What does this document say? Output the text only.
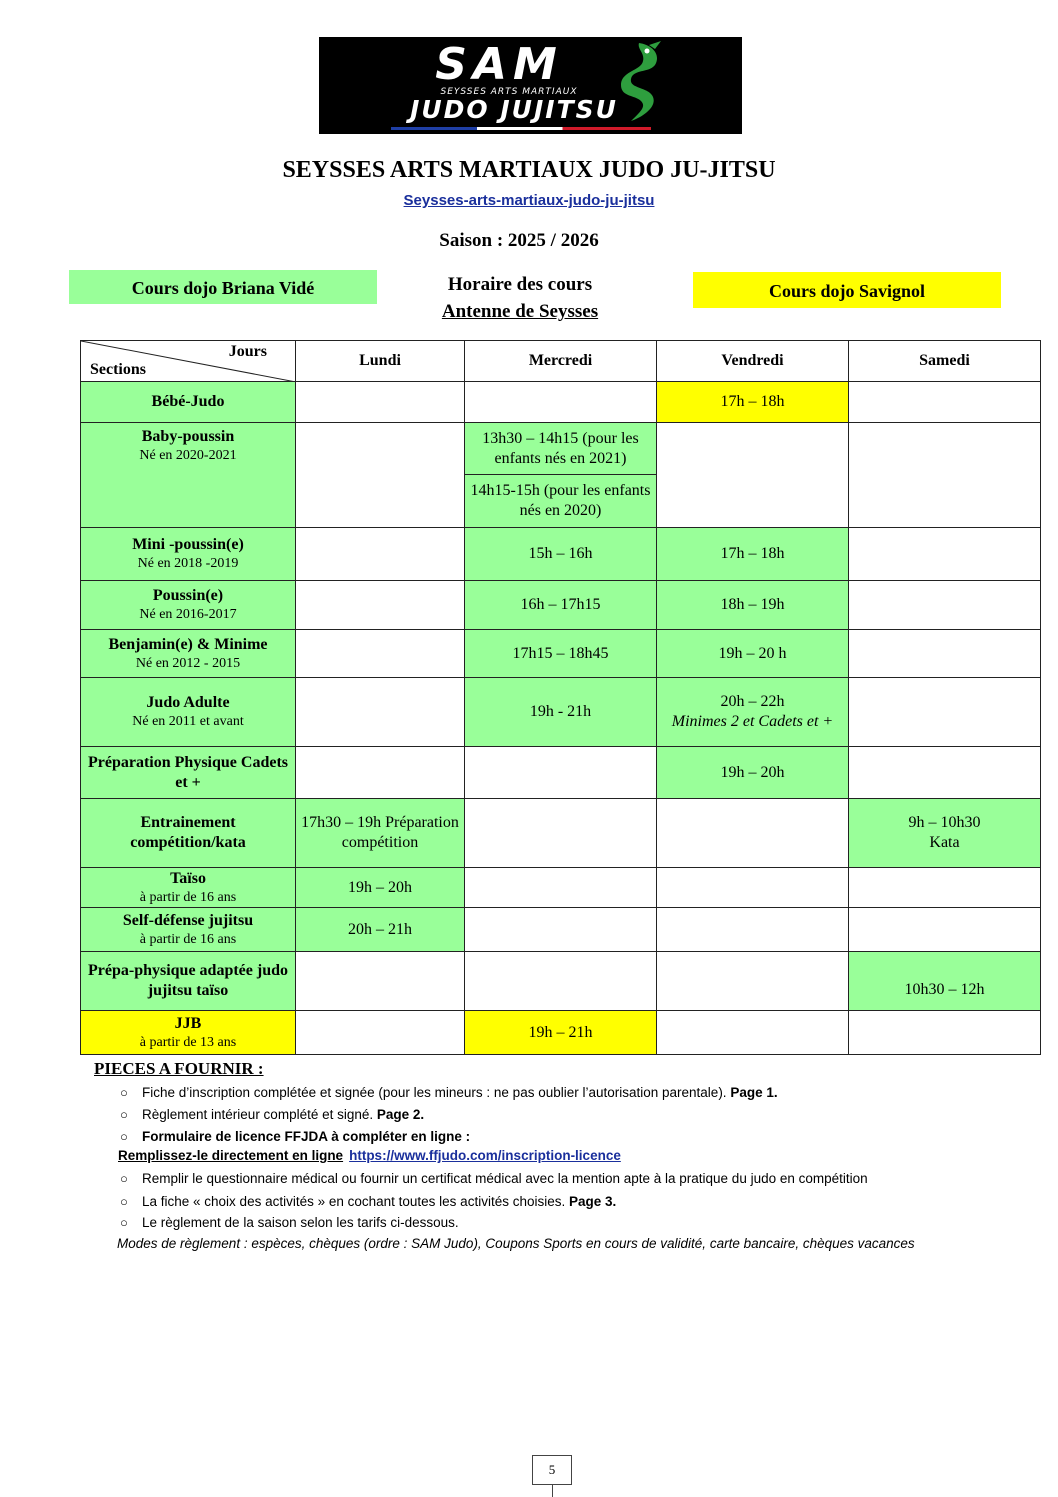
SAM
SEYSSES ARTS MARTIAUX
JUDO JUJITSU
SEYSSES ARTS MARTIAUX JUDO JU-JITSU
Seysses-arts-martiaux-judo-ju-jitsu
Saison : 2025 / 2026
Cours dojo Briana Vidé	Horaire des cours
Antenne de Seysses
Cours dojo Savignol
Jours
Sections	Lundi	Mercredi	Vendredi	Samedi

Bébé-Judo			17h – 18h	

Baby-poussin
Né en 2020-2021		13h30 – 14h15 (pour les enfants nés en 2021)		
		14h15-15h (pour les enfants nés en 2020)		

Mini -poussin(e)
Né en 2018 -2019		15h – 16h	17h – 18h	

Poussin(e)
Né en 2016-2017		16h – 17h15	18h – 19h	

Benjamin(e) & Minime
Né en 2012 - 2015		17h15 – 18h45	19h – 20 h	

Judo Adulte
Né en 2011 et avant		19h - 21h	20h – 22h
Minimes 2 et Cadets et +	

Préparation Physique Cadets et +			19h – 20h	

Entrainement compétition/kata	17h30 – 19h Préparation compétition			9h – 10h30
Kata

Taïso
à partir de 16 ans	19h – 20h			

Self-défense jujitsu
à partir de 16 ans	20h – 21h			

Prépa-physique adaptée judo jujitsu taïso				10h30 – 12h

JJB
à partir de 13 ans		19h – 21h		
PIECES A FOURNIR :
○ Fiche d’inscription complétée et signée (pour les mineurs : ne pas oublier l’autorisation parentale). Page 1.
○ Règlement intérieur complété et signé. Page 2.
○ Formulaire de licence FFJDA à compléter en ligne :
Remplissez-le directement en ligne https://www.ffjudo.com/inscription-licence
○ Remplir le questionnaire médical ou fournir un certificat médical avec la mention apte à la pratique du judo en compétition
○ La fiche « choix des activités » en cochant toutes les activités choisies. Page 3.
○ Le règlement de la saison selon les tarifs ci-dessous.
Modes de règlement : espèces, chèques (ordre : SAM Judo), Coupons Sports en cours de validité, carte bancaire, chèques vacances
5
